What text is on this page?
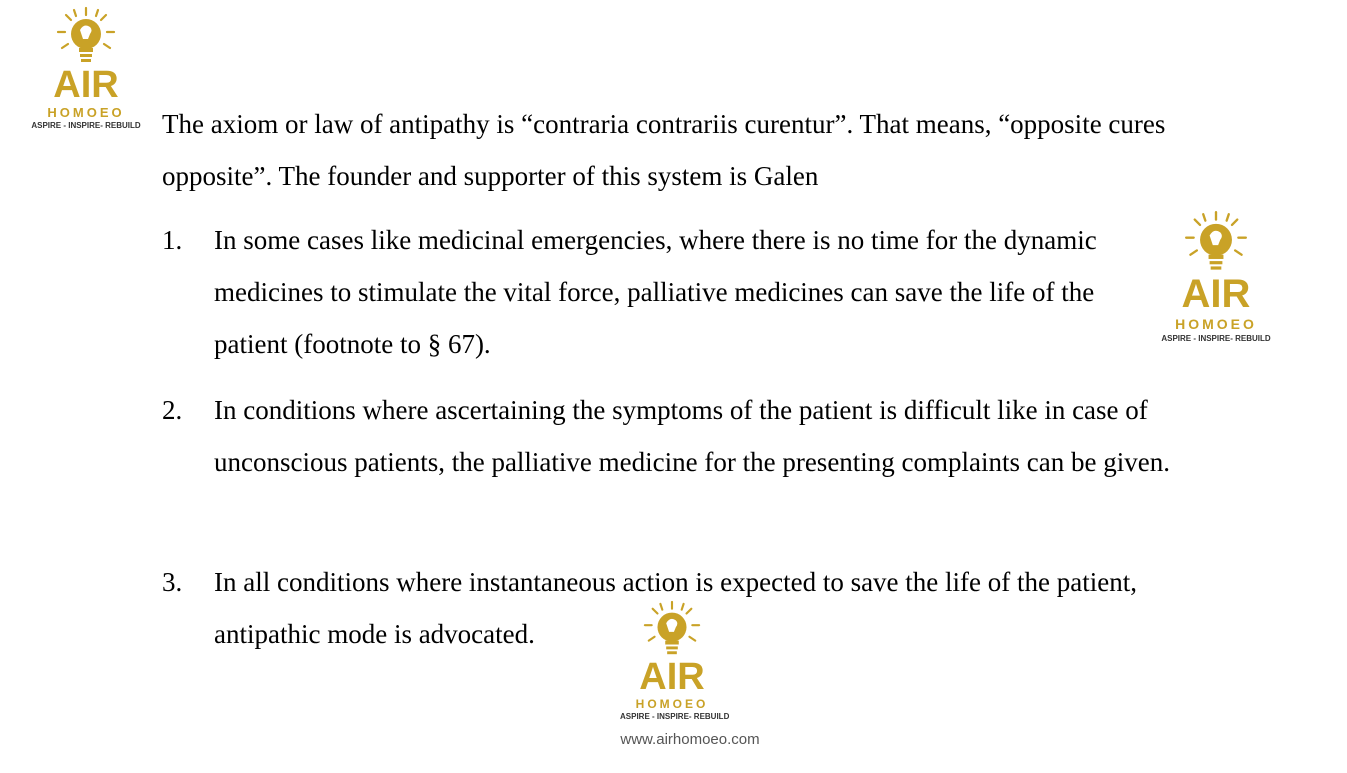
AIR
HOMOEO
ASPIRE - INSPIRE- REBUILD
AIR
HOMOEO
ASPIRE - INSPIRE- REBUILD
AIR
HOMOEO
ASPIRE - INSPIRE- REBUILD

The axiom or law of antipathy is “contraria contrariis curentur”. That means, “opposite cures opposite”. The founder and supporter of this system is Galen

1. In some cases like medicinal emergencies, where there is no time for the dynamic medicines to stimulate the vital force, palliative medicines can save the life of the patient (footnote to § 67).
2. In conditions where ascertaining the symptoms of the patient is difficult like in case of unconscious patients, the palliative medicine for the presenting complaints can be given.
3. In all conditions where instantaneous action is expected to save the life of the patient, antipathic mode is advocated.
www.airhomoeo.com
